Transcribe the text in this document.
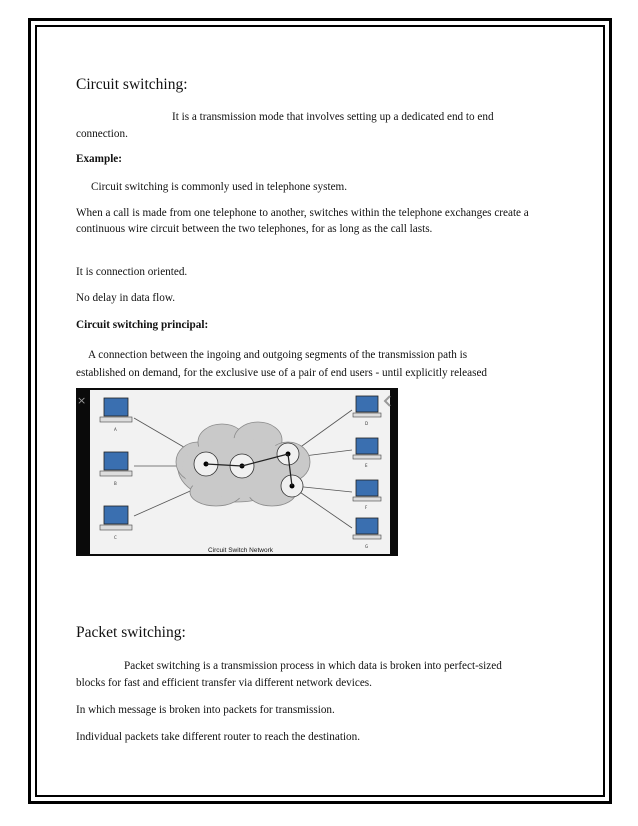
Circuit switching:
It is a transmission mode that involves setting up a dedicated end to end
connection.
Example:
Circuit switching is commonly used in telephone system.
When a call is made from one telephone to another, switches within the telephone exchanges create a continuous wire circuit between the two telephones, for as long as the call lasts.
It is connection oriented.
No delay in data flow.
Circuit switching principal:
A connection between the ingoing and outgoing segments of the transmission path is
established on demand, for the exclusive use of a pair of end users - until explicitly released
×
A
B
C
D
E
F
G
Circuit Switch Network
Packet switching:
Packet switching is a transmission process in which data is broken into perfect-sized
blocks for fast and efficient transfer via different network devices.
In which message is broken into packets for transmission.
Individual packets take different router to reach the destination.
